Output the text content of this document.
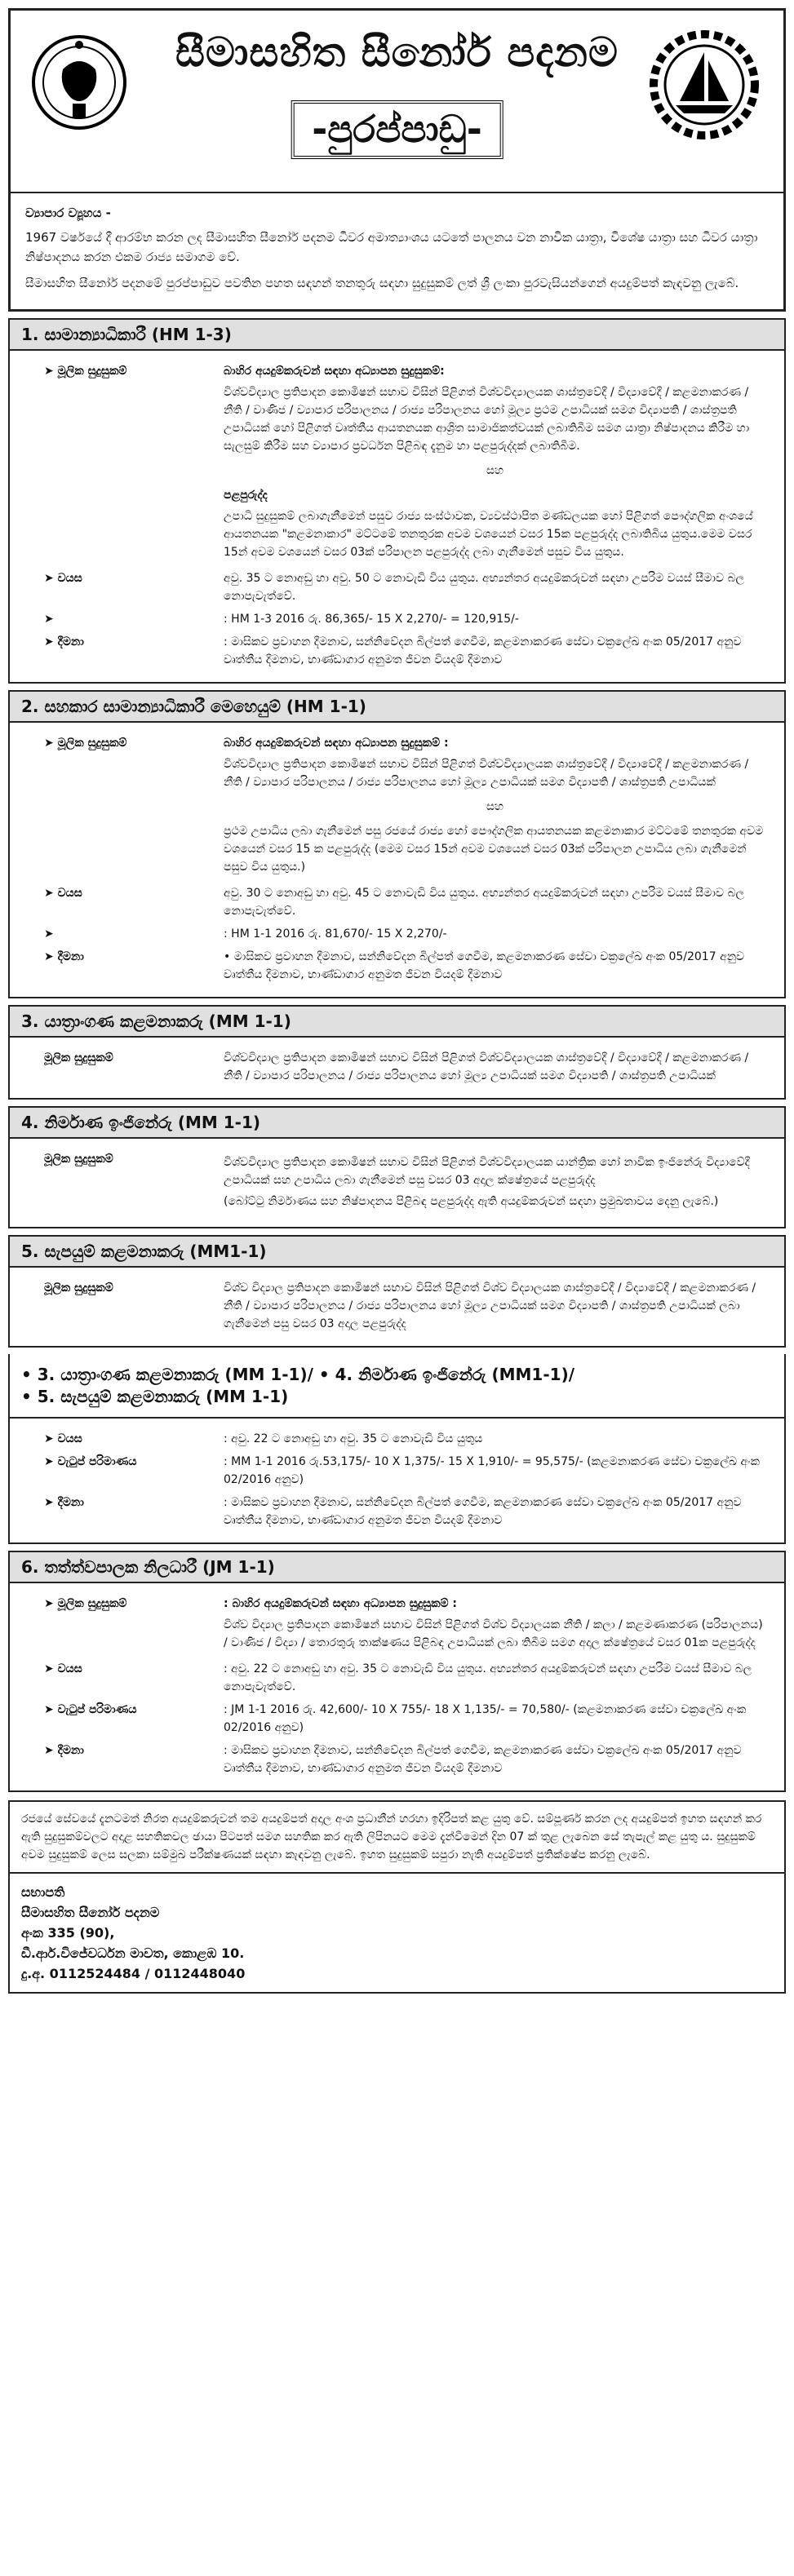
සීමාසහිත සීනෝර් පදනම
-පුරප්පාඩු-
ව්‍යාපාර ව්‍යූහය -

1967 වර්ෂයේ දී ආරම්භ කරන ලද සීමාසහිත සීනෝර් පදනම ධීවර අමාත්‍යාංශය යටතේ පාලනය වන නාවික යාත්‍රා, විශේෂ යාත්‍රා සහ ධීවර යාත්‍රා නිෂ්පාදනය කරන එකම රාජ්‍ය සමාගම වේ.

සීමාසහිත සීනෝර් පදනමේ පුරප්පාඩුව පවතින පහත සඳහන් තනතුරු සඳහා සුදුසුකම් ලත් ශ්‍රී ලංකා පුරවැසියන්ගෙන් අයදුම්පත් කැඳවනු ලැබේ.

1. සාමාන්‍යාධිකාරී (HM 1-3)
➤ මූලික සුදුසුකම්	බාහිර අයදුම්කරුවන් සඳහා අධ්‍යාපන සුදුසුකම්:

විශ්වවිද්‍යාල ප්‍රතිපාදන කොමිෂන් සභාව විසින් පිළිගත් විශ්වවිද්‍යාලයක ශාස්ත්‍රවේදී / විද්‍යාවේදී / කළමනාකරණ / නීති / වාණිජ / ව්‍යාපාර පරිපාලනය / රාජ්‍ය පරිපාලනය හෝ මූල්‍ය ප්‍රථම උපාධියක් සමග විද්‍යාපති / ශාස්ත්‍රපති උපාධියක් හෝ පිළිගත් වෘත්තීය ආයතනයක ආශ්‍රිත සාමාජිකත්වයක් ලබාතිබීම සමග යාත්‍රා නිෂ්පාදනය කිරීම හා සැලසුම් කිරීම සහ ව්‍යාපාර ප්‍රවර්ධන පිළිබඳ දැනුම හා පළපුරුද්දක් ලබාතිබීම.

සහ
පළපුරුද්ද

උපාධි සුදුසුකම් ලබාගැනීමෙන් පසුව රාජ්‍ය සංස්ථාවක, ව්‍යවස්ථාපිත මණ්ඩලයක හෝ පිළිගත් පෞද්ගලික අංශයේ ආයතනයක "කළමනාකාර" මට්ටමේ තනතුරක අවම වශයෙන් වසර 15ක පළපුරුද්ද ලබාතිබිය යුතුය.මෙම වසර 15න් අවම වශයෙන් වසර 03ක් පරිපාලන පළපුරුද්ද ලබා ගැනීමෙන් පසුව විය යුතුය.

➤ වයස	අවු. 35 ට නොඅඩු හා අවු. 50 ට නොවැඩි විය යුතුය. අභ්‍යන්තර අයදුම්කරුවන් සඳහා උපරිම වයස් සීමාව බල නොපැවැත්වේ.
➤	: HM 1-3 2016 රු. 86,365/- 15 X 2,270/- = 120,915/-
➤ දීමනා	: මාසිකව ප්‍රවාහන දීමනාව, සන්නිවේදන බිල්පත් ගෙවීම, කළමනාකරණ සේවා චක්‍රලේඛ අංක 05/2017 අනුව වෘත්තීය දීමනාව, භාණ්ඩාගාර අනුමත ජීවන වියදම් දීමනාව
2. සහකාර සාමාන්‍යාධිකාරී මෙහෙයුම් (HM 1-1)
➤ මූලික සුදුසුකම්	බාහිර අයදුම්කරුවන් සඳහා අධ්‍යාපන සුදුසුකම් :

විශ්වවිද්‍යාල ප්‍රතිපාදන කොමිෂන් සභාව විසින් පිළිගත් විශ්වවිද්‍යාලයක ශාස්ත්‍රවේදී / විද්‍යාවේදී / කළමනාකරණ / නීති / ව්‍යාපාර පරිපාලනය / රාජ්‍ය පරිපාලනය හෝ මූල්‍ය උපාධියක් සමග විද්‍යාපති / ශාස්ත්‍රපති උපාධියක්

සහ

ප්‍රථම උපාධිය ලබා ගැනීමෙන් පසු රජයේ රාජ්‍ය හෝ පෞද්ගලික ආයතනයක කළමනාකාර මට්ටමේ තනතුරක අවම වශයෙන් වසර 15 ක පළපුරුද්ද (මෙම වසර 15න් අවම වශයෙන් වසර 03ක් පරිපාලන උපාධිය ලබා ගැනීමෙන් පසුව විය යුතුය.)

➤ වයස	අවු. 30 ට නොඅඩු හා අවු. 45 ට නොවැඩි විය යුතුය. අභ්‍යන්තර අයදුම්කරුවන් සඳහා උපරිම වයස් සීමාව බල නොපැවැත්වේ.
➤	: HM 1-1 2016 රු. 81,670/- 15 X 2,270/-
➤ දීමනා	• මාසිකව ප්‍රවාහන දීමනාව, සන්නිවේදන බිල්පත් ගෙවීම, කළමනාකරණ සේවා චක්‍රලේඛ අංක 05/2017 අනුව වෘත්තීය දීමනාව, භාණ්ඩාගාර අනුමත ජීවන වියදම් දීමනාව
3. යාත්‍රාංගණ කළමනාකරු (MM 1-1)
මූලික සුදුසුකම්	විශ්වවිද්‍යාල ප්‍රතිපාදන කොමිෂන් සභාව විසින් පිළිගත් විශ්වවිද්‍යාලයක ශාස්ත්‍රවේදී / විද්‍යාවේදී / කළමනාකරණ / නීති / ව්‍යාපාර පරිපාලනය / රාජ්‍ය පරිපාලනය හෝ මූල්‍ය උපාධියක් සමග විද්‍යාපති / ශාස්ත්‍රපති උපාධියක්
4. නිර්මාණ ඉංජිනේරු (MM 1-1)
මූලික සුදුසුකම්	විශ්වවිද්‍යාල ප්‍රතිපාදන කොමිෂන් සභාව විසින් පිළිගත් විශ්වවිද්‍යාලයක යාන්ත්‍රික හෝ නාවික ඉංජිනේරු විද්‍යාවේදී උපාධියක් සහ උපාධිය ලබා ගැනීමෙන් පසු වසර 03 අදාල ක්ෂේත්‍රයේ පළපුරුද්ද

(බෝට්ටු නිර්මාණය සහ නිෂ්පාදනය පිළිබඳ පළපුරුද්ද ඇති අයදුම්කරුවන් සඳහා ප්‍රමුඛතාවය දෙනු ලැබේ.)

5. සැපයුම් කළමනාකරු (MM1-1)
මූලික සුදුසුකම්	විශ්ව විද්‍යාල ප්‍රතිපාදන කොමිෂන් සභාව විසින් පිළිගත් විශ්ව විද්‍යාලයක ශාස්ත්‍රවේදී / විද්‍යාවේදී / කළමනාකරණ / නීති / ව්‍යාපාර පරිපාලනය / රාජ්‍ය පරිපාලනය හෝ මූල්‍ය උපාධියක් සමග විද්‍යාපති / ශාස්ත්‍රපති උපාධියක් ලබා ගැනීමෙන් පසු වසර 03 අදාල පළපුරුද්ද
• 3. යාත්‍රාංගණ කළමනාකරු (MM 1-1)/ • 4. නිර්මාණ ඉංජිනේරු (MM1-1)/
• 5. සැපයුම් කළමනාකරු (MM 1-1)
➤ වයස	: අවු. 22 ට නොඅඩු හා අවු. 35 ට නොවැඩි විය යුතුය
➤ වැටුප් පරිමාණය	: MM 1-1 2016 රු.53,175/- 10 X 1,375/- 15 X 1,910/- = 95,575/- (කළමනාකරණ සේවා චක්‍රලේඛ අංක 02/2016 අනුව)
➤ දීමනා	: මාසිකව ප්‍රවාහන දීමනාව, සන්නිවේදන බිල්පත් ගෙවීම, කළමනාකරණ සේවා චක්‍රලේඛ අංක 05/2017 අනුව වෘත්තීය දීමනාව, භාණ්ඩාගාර අනුමත ජීවන වියදම් දීමනාව
6. තත්ත්වපාලක නිලධාරී (JM 1-1)
➤ මූලික සුදුසුකම්	: බාහිර අයදුම්කරුවන් සඳහා අධ්‍යාපන සුදුසුකම් :

විශ්ව විද්‍යාල ප්‍රතිපාදන කොමිෂන් සභාව විසින් පිළිගත් විශ්ව විද්‍යාලයක නීති / කලා / කළමණාකරණ (පරිපාලනය) / වාණිජ / විද්‍යා / තොරතුරු තාක්ෂණය පිළිබඳ උපාධියක් ලබා තිබීම සමග අදාල ක්ෂේත්‍රයේ වසර 01ක පළපුරුද්ද

➤ වයස	: අවු. 22 ට නොඅඩු හා අවු. 35 ට නොවැඩි විය යුතුය. අභ්‍යන්තර අයදුම්කරුවන් සඳහා උපරිම වයස් සීමාව බල නොපැවැත්වේ.
➤ වැටුප් පරිමාණය	: JM 1-1 2016 රු. 42,600/- 10 X 755/- 18 X 1,135/- = 70,580/- (කළමනාකරණ සේවා චක්‍රලේඛ අංක 02/2016 අනුව)
➤ දීමනා	: මාසිකව ප්‍රවාහන දීමනාව, සන්නිවේදන බිල්පත් ගෙවීම, කළමනාකරණ සේවා චක්‍රලේඛ අංක 05/2017 අනුව වෘත්තීය දීමනාව, භාණ්ඩාගාර අනුමත ජීවන වියදම් දීමනාව
රජයේ සේවයේ දැනටමත් නිරත අයදුම්කරුවන් තම අයදුම්පත් අදාල අංශ ප්‍රධානීන් හරහා ඉදිරිපත් කළ යුතු වේ. සම්පූර්ණ කරන ලද අයදුම්පත් ඉහත සඳහන් කර ඇති සුදුසුකම්වලට අදාළ සහතිකවල ඡායා පිටපත් සමග සහතික කර ඇති ලිපිනයට මෙම දැන්වීමෙන් දින 07 ක් තුළ ලැබෙන සේ තැපැල් කළ යුතු ය. සුදුසුකම් අවම සුදුසුකම් ලෙස සලකා සම්මුඛ පරීක්ෂණයක් සඳහා කැඳවනු ලැබේ. ඉහත සුදුසුකම් සපුරා නැති අයදුම්පත් ප්‍රතික්ෂේප කරනු ලැබේ.
සභාපති
සීමාසහිත සීනෝර් පදනම
අංක 335 (90),
ඩී.ආර්.විජේවර්ධන මාවත, කොළඹ 10.
දු.අ. 0112524484 / 0112448040
